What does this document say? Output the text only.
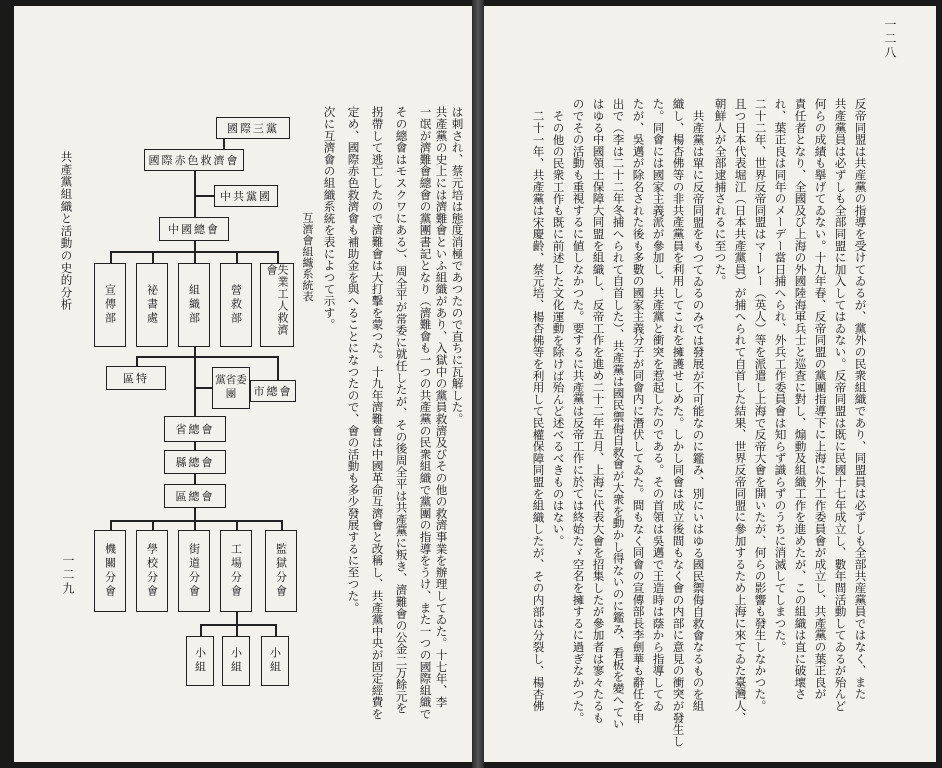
共產黨組織と活動の史的分析	互濟會組織系統表 次に互濟會の組織系統を表によつて示す。 定め、國際赤色救濟會も補助金を與へることになつたので、會の活動も多少發展するに至つた。 拐帶して逃亡したので濟難會は大打擊を蒙つた。十九年濟難會は中國革命互濟會と改稱し、共產黨中央が固定經費を その總會はモスクワにある）、周全平が常委に就任したが、その後周全平は共產黨に叛き、濟難會の公金二万餘元を 一氓が濟難會總會の黨團書記となり（濟難會も一つの共產黨の民衆組織で黨團の指導をうけ、また一つの國際組織で 共產黨の史上には濟難會といふ組織があり、入獄中の黨員救濟及びその他の救濟事業を辦理してゐた。十七年、李 は刺され、蔡元培は態度消極であつたので直ちに瓦解した。
國際三黨
國際赤色救濟會
中共黨國
中國總會
宣傳部	祕書處	組織部	營救部	失業工人救濟會
區特	黨省委團	市總會
省總會
縣總會
區總會
機關分會	學校分會	街道分會	工場分會	監獄分會
小組 小組 小組
一二九
一二八
反帝同盟は共産黨の指導を受けてゐるが、黨外の民衆組織であり、同盟員は必ずしも全部共産黨員ではなく、また
共產黨員は必ずしも全部同盟に加入してはゐない。反帝同盟は既に民國十七年成立し、數年間活動してゐるが殆んど
何らの成績も擧げてゐない。十九年春、反帝同盟の黨團指導下に上海に外工作委員會が成立し、共產黨の葉正良が
責任者となり、全國及び上海の外國陸海軍兵士と巡査に對し、煽動及組織工作を進めたが、この組織は直に破壞さ
れ、葉正良は同年のメーデー當日捕へられ、外兵工作委員會は知らず識らずのうちに消滅してしまつた。
二十二年、世界反帝同盟はマーレー（英人）等を派遣し上海で反帝大會を開いたが、何らの影響も發生しなかつた。
且つ日本代表堀江（日本共產黨員）が捕へられて自首した結果、世界反帝同盟に參加するため上海に來てゐた臺灣人、
朝鮮人が全部逮捕されるに至つた。
共產黨は單に反帝同盟をもつてゐるのみでは發展が不可能なのに鑑み、別にいはゆる國民禦侮自救會なるものを組
織し、楊杏佛等の非共產黨員を利用してこれを擁護せしめた。しかし同會は成立後間もなく會の内部に意見の衝突が發生し
た。同會には國家主義派が參加し、共產黨と衝突を惹起したのである。その首領は吳邁で王造時は蔭から指導してゐ
たが、吳邁が除名された後も多數の國家主義分子が同會内に潛伏してゐた。間もなく同會の宣傳部長李劍華も辭任を申
出で（李は二十二年冬捕へられて自首した）、共產黨は國民禦侮自救會が大衆を動かし得ないのに鑑み、看板を變へてい
はゆる中國領土保障大同盟を組織し、反帝工作を進め二十二年五月、上海に代表大會を招集したが參加者は寥々たるも
のでその活動も重視するに値しなかつた。要するに共產黨は反帝工作に於ては終始たゞ空名を擁するに過ぎなかつた。
その他の民衆工作も既に前述した文化運動を除けば殆んど述べるべきものはない。
二十一年、共產黨は宋慶齡、蔡元培、楊杏佛等を利用して民權保障同盟を組織したが、その内部は分裂し、楊杏佛
